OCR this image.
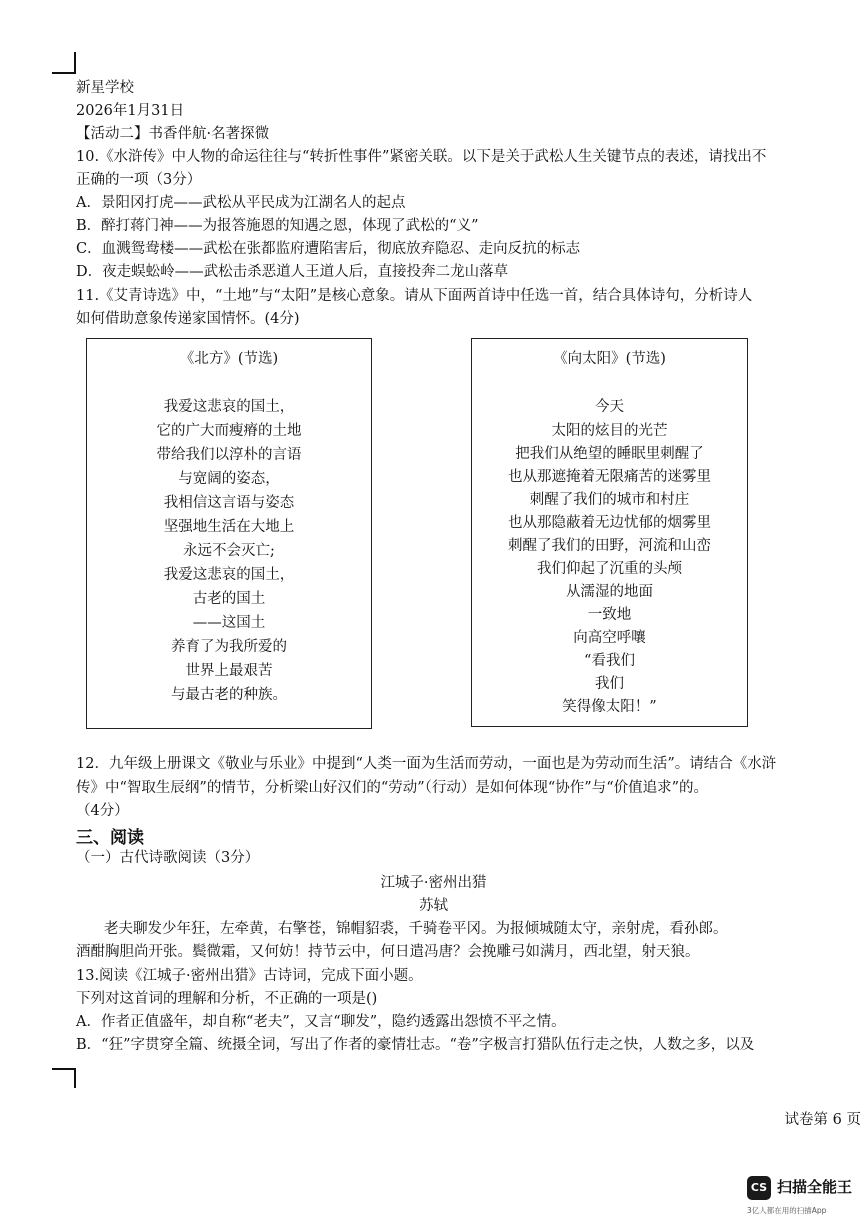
新星学校
2026年1月31日
【活动二】书香伴航·名著探微
10.《水浒传》中人物的命运往往与“转折性事件”紧密关联。以下是关于武松人生关键节点的表述，请找出不
正确的一项（3分）
A．景阳冈打虎——武松从平民成为江湖名人的起点
B．醉打蒋门神——为报答施恩的知遇之恩，体现了武松的“义”
C．血溅鸳鸯楼——武松在张都监府遭陷害后，彻底放弃隐忍、走向反抗的标志
D．夜走蜈蚣岭——武松击杀恶道人王道人后，直接投奔二龙山落草
11.《艾青诗选》中，“土地”与“太阳”是核心意象。请从下面两首诗中任选一首，结合具体诗句，分析诗人
如何借助意象传递家国情怀。(4分)
《北方》(节选)
我爱这悲哀的国土，
它的广大而瘦瘠的土地
带给我们以淳朴的言语
与宽阔的姿态，
我相信这言语与姿态
坚强地生活在大地上
永远不会灭亡;
我爱这悲哀的国土，
古老的国土
——这国土
养育了为我所爱的
世界上最艰苦
与最古老的种族。
《向太阳》(节选)
今天
太阳的炫目的光芒
把我们从绝望的睡眠里刺醒了
也从那遮掩着无限痛苦的迷雾里
刺醒了我们的城市和村庄
也从那隐蔽着无边忧郁的烟雾里
刺醒了我们的田野，河流和山峦
我们仰起了沉重的头颅
从濡湿的地面
一致地
向高空呼嚷
“看我们
我们
笑得像太阳！”
12．九年级上册课文《敬业与乐业》中提到“人类一面为生活而劳动，一面也是为劳动而生活”。请结合《水浒
传》中“智取生辰纲”的情节，分析梁山好汉们的“劳动”（行动）是如何体现“协作”与“价值追求”的。
（4分）
三、阅读
（一）古代诗歌阅读（3分）
江城子·密州出猎
苏轼
老夫聊发少年狂，左牵黄，右擎苍，锦帽貂裘，千骑卷平冈。为报倾城随太守，亲射虎，看孙郎。
酒酣胸胆尚开张。鬓微霜，又何妨！持节云中，何日遣冯唐？会挽雕弓如满月，西北望，射天狼。
13.阅读《江城子·密州出猎》古诗词，完成下面小题。
下列对这首词的理解和分析，不正确的一项是()
A．作者正值盛年，却自称“老夫”，又言“聊发”，隐约透露出怨愤不平之情。
B．“狂”字贯穿全篇、统摄全词，写出了作者的豪情壮志。“卷”字极言打猎队伍行走之快，人数之多，以及
试卷第 6 页
CS 扫描全能王
3亿人都在用的扫描App
